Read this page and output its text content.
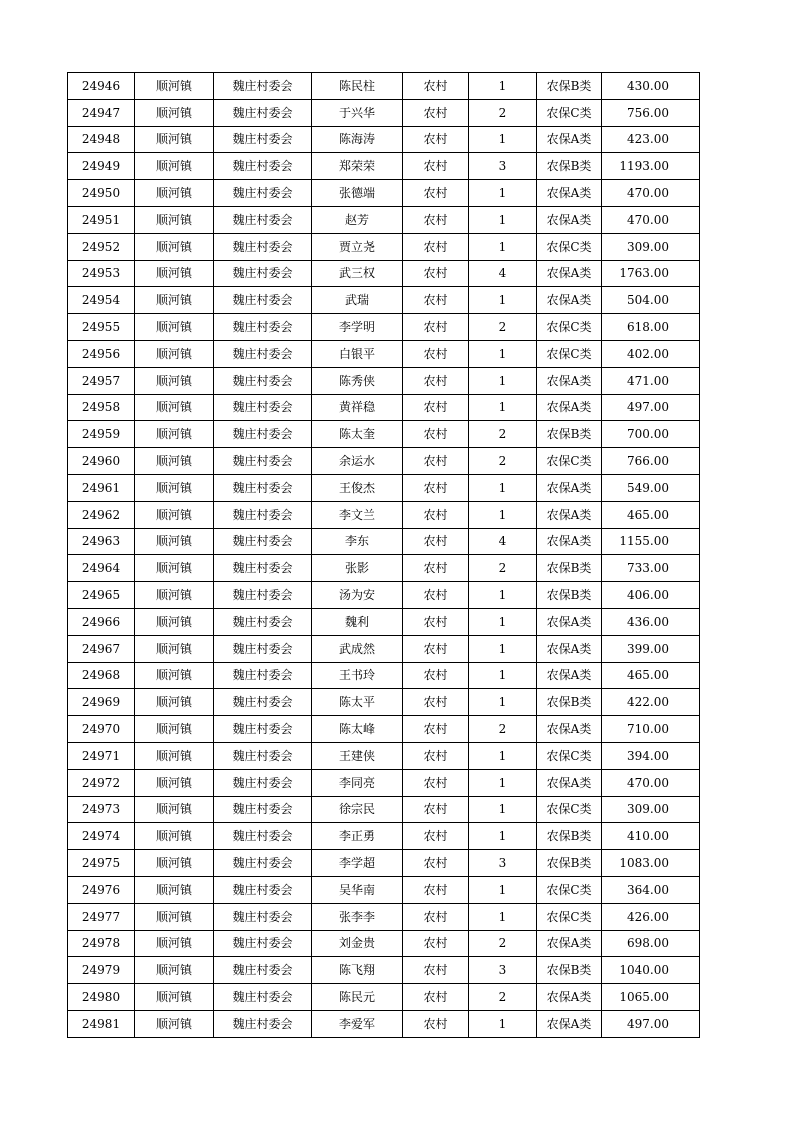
24946	顺河镇	魏庄村委会	陈民柱	农村	1	农保B类	430.00
24947	顺河镇	魏庄村委会	于兴华	农村	2	农保C类	756.00
24948	顺河镇	魏庄村委会	陈海涛	农村	1	农保A类	423.00
24949	顺河镇	魏庄村委会	郑荣荣	农村	3	农保B类	1193.00
24950	顺河镇	魏庄村委会	张德端	农村	1	农保A类	470.00
24951	顺河镇	魏庄村委会	赵芳	农村	1	农保A类	470.00
24952	顺河镇	魏庄村委会	贾立尧	农村	1	农保C类	309.00
24953	顺河镇	魏庄村委会	武三权	农村	4	农保A类	1763.00
24954	顺河镇	魏庄村委会	武瑞	农村	1	农保A类	504.00
24955	顺河镇	魏庄村委会	李学明	农村	2	农保C类	618.00
24956	顺河镇	魏庄村委会	白银平	农村	1	农保C类	402.00
24957	顺河镇	魏庄村委会	陈秀侠	农村	1	农保A类	471.00
24958	顺河镇	魏庄村委会	黄祥稳	农村	1	农保A类	497.00
24959	顺河镇	魏庄村委会	陈太奎	农村	2	农保B类	700.00
24960	顺河镇	魏庄村委会	余运水	农村	2	农保C类	766.00
24961	顺河镇	魏庄村委会	王俊杰	农村	1	农保A类	549.00
24962	顺河镇	魏庄村委会	李文兰	农村	1	农保A类	465.00
24963	顺河镇	魏庄村委会	李东	农村	4	农保A类	1155.00
24964	顺河镇	魏庄村委会	张影	农村	2	农保B类	733.00
24965	顺河镇	魏庄村委会	汤为安	农村	1	农保B类	406.00
24966	顺河镇	魏庄村委会	魏利	农村	1	农保A类	436.00
24967	顺河镇	魏庄村委会	武成然	农村	1	农保A类	399.00
24968	顺河镇	魏庄村委会	王书玲	农村	1	农保A类	465.00
24969	顺河镇	魏庄村委会	陈太平	农村	1	农保B类	422.00
24970	顺河镇	魏庄村委会	陈太峰	农村	2	农保A类	710.00
24971	顺河镇	魏庄村委会	王建侠	农村	1	农保C类	394.00
24972	顺河镇	魏庄村委会	李同亮	农村	1	农保A类	470.00
24973	顺河镇	魏庄村委会	徐宗民	农村	1	农保C类	309.00
24974	顺河镇	魏庄村委会	李正勇	农村	1	农保B类	410.00
24975	顺河镇	魏庄村委会	李学超	农村	3	农保B类	1083.00
24976	顺河镇	魏庄村委会	吴华南	农村	1	农保C类	364.00
24977	顺河镇	魏庄村委会	张李李	农村	1	农保C类	426.00
24978	顺河镇	魏庄村委会	刘金贵	农村	2	农保A类	698.00
24979	顺河镇	魏庄村委会	陈飞翔	农村	3	农保B类	1040.00
24980	顺河镇	魏庄村委会	陈民元	农村	2	农保A类	1065.00
24981	顺河镇	魏庄村委会	李爱军	农村	1	农保A类	497.00
